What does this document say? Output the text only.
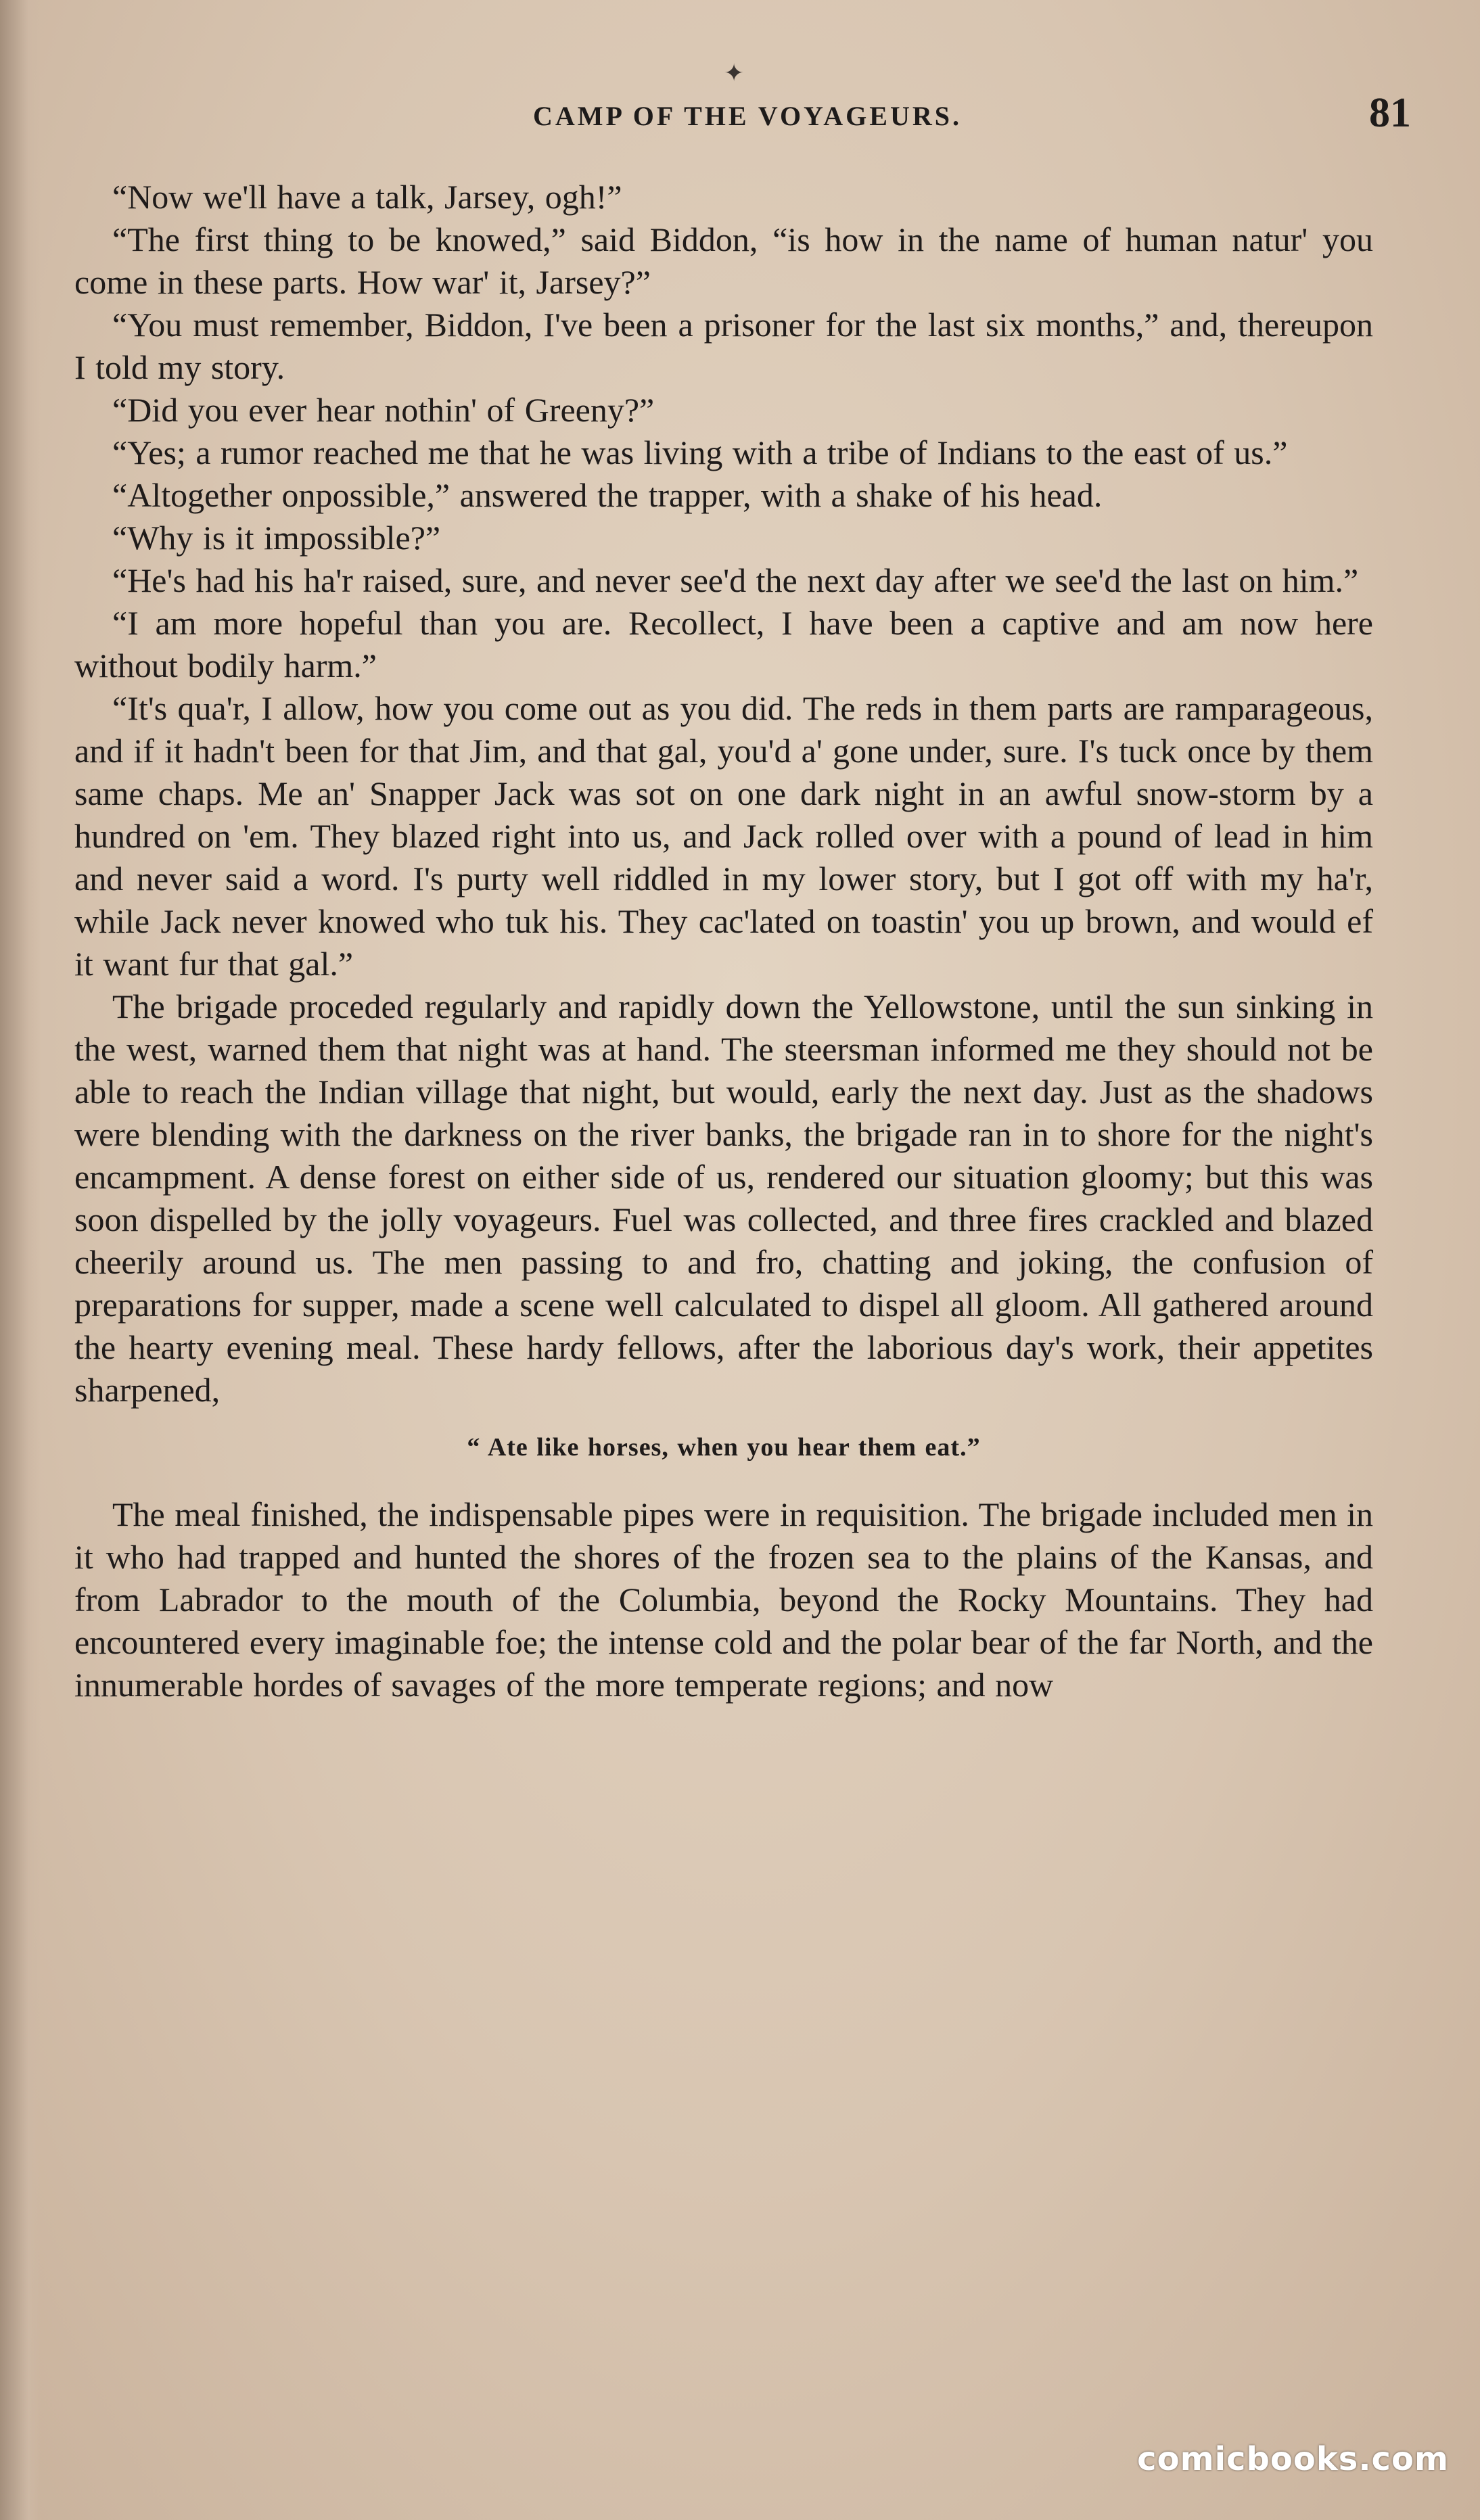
✦
CAMP OF THE VOYAGEURS.	81

“Now we'll have a talk, Jarsey, ogh!”

“The first thing to be knowed,” said Biddon, “is how in the name of human natur' you come in these parts. How war' it, Jarsey?”

“You must remember, Biddon, I've been a prisoner for the last six months,” and, thereupon I told my story.

“Did you ever hear nothin' of Greeny?”

“Yes; a rumor reached me that he was living with a tribe of Indians to the east of us.”

“Altogether onpossible,” answered the trapper, with a shake of his head.

“Why is it impossible?”

“He's had his ha'r raised, sure, and never see'd the next day after we see'd the last on him.”

“I am more hopeful than you are. Recollect, I have been a captive and am now here without bodily harm.”

“It's qua'r, I allow, how you come out as you did. The reds in them parts are ramparageous, and if it hadn't been for that Jim, and that gal, you'd a' gone under, sure. I's tuck once by them same chaps. Me an' Snapper Jack was sot on one dark night in an awful snow-storm by a hundred on 'em. They blazed right into us, and Jack rolled over with a pound of lead in him and never said a word. I's purty well riddled in my lower story, but I got off with my ha'r, while Jack never knowed who tuk his. They cac'lated on toastin' you up brown, and would ef it want fur that gal.”

The brigade proceded regularly and rapidly down the Yellowstone, until the sun sinking in the west, warned them that night was at hand. The steersman informed me they should not be able to reach the Indian village that night, but would, early the next day. Just as the shadows were blending with the darkness on the river banks, the brigade ran in to shore for the night's encampment. A dense forest on either side of us, rendered our situation gloomy; but this was soon dispelled by the jolly voyageurs. Fuel was collected, and three fires crackled and blazed cheerily around us. The men passing to and fro, chatting and joking, the confusion of preparations for supper, made a scene well calculated to dispel all gloom. All gathered around the hearty evening meal. These hardy fellows, after the laborious day's work, their appetites sharpened,

“ Ate like horses, when you hear them eat.”

The meal finished, the indispensable pipes were in requisition. The brigade included men in it who had trapped and hunted the shores of the frozen sea to the plains of the Kansas, and from Labrador to the mouth of the Columbia, beyond the Rocky Mountains. They had encountered every imaginable foe; the intense cold and the polar bear of the far North, and the innumerable hordes of savages of the more temperate regions; and now

comicbooks.com
